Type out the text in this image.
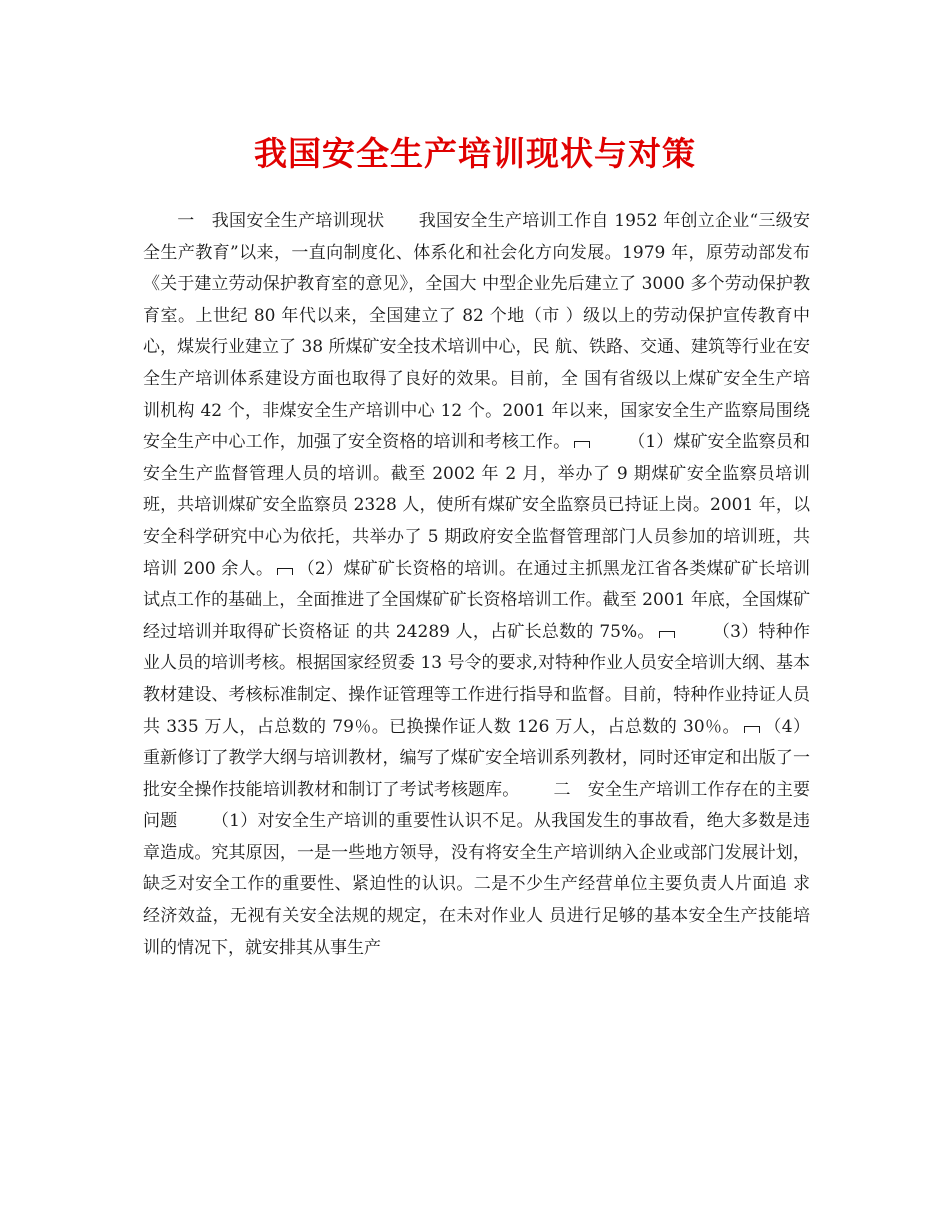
我国安全生产培训现状与对策

一　我国安全生产培训现状 我国安全生产培训工作自 1952 年创立企业“三级安全生产教育”以来，一直向制度化、体系化和社会化方向发展。1979 年，原劳动部发布《关于建立劳动保护教育室的意见》，全国大 中型企业先后建立了 3000 多个劳动保护教育室。上世纪 80 年代以来，全国建立了 82 个地（市 ）级以上的劳动保护宣传教育中心，煤炭行业建立了 38 所煤矿安全技术培训中心，民 航、铁路、交通、建筑等行业在安全生产培训体系建设方面也取得了良好的效果。目前，全 国有省级以上煤矿安全生产培训机构 42 个，非煤安全生产培训中心 12 个。2001 年以来，国家安全生产监察局围绕安全生产中心工作，加强了安全资格的培训和考核工作。	（1）煤矿安全监察员和安全生产监督管理人员的培训。截至 2002 年 2 月，举办了 9 期煤矿安全监察员培训班，共培训煤矿安全监察员 2328 人，使所有煤矿安全监察员已持证上岗。2001 年，以安全科学研究中心为依托，共举办了 5 期政府安全监督管理部门人员参加的培训班，共培训 200 余人。 （2）煤矿矿长资格的培训。在通过主抓黑龙江省各类煤矿矿长培训试点工作的基础上，全面推进了全国煤矿矿长资格培训工作。截至 2001 年底，全国煤矿经过培训并取得矿长资格证 的共 24289 人，占矿长总数的 75%。	（3）特种作业人员的培训考核。根据国家经贸委 13 号令的要求,对特种作业人员安全培训大纲、基本教材建设、考核标准制定、操作证管理等工作进行指导和监督。目前，特种作业持证人员共 335 万人，占总数的 79％。已换操作证人数 126 万人，占总数的 30％。 （4）重新修订了教学大纲与培训教材，编写了煤矿安全培训系列教材，同时还审定和出版了一批安全操作技能培训教材和制订了考试考核题库。 二　安全生产培训工作存在的主要问题 （1）对安全生产培训的重要性认识不足。从我国发生的事故看，绝大多数是违章造成。究其原因，一是一些地方领导，没有将安全生产培训纳入企业或部门发展计划，缺乏对安全工作的重要性、紧迫性的认识。二是不少生产经营单位主要负责人片面追 求经济效益，无视有关安全法规的规定，在未对作业人 员进行足够的基本安全生产技能培训的情况下，就安排其从事生产
